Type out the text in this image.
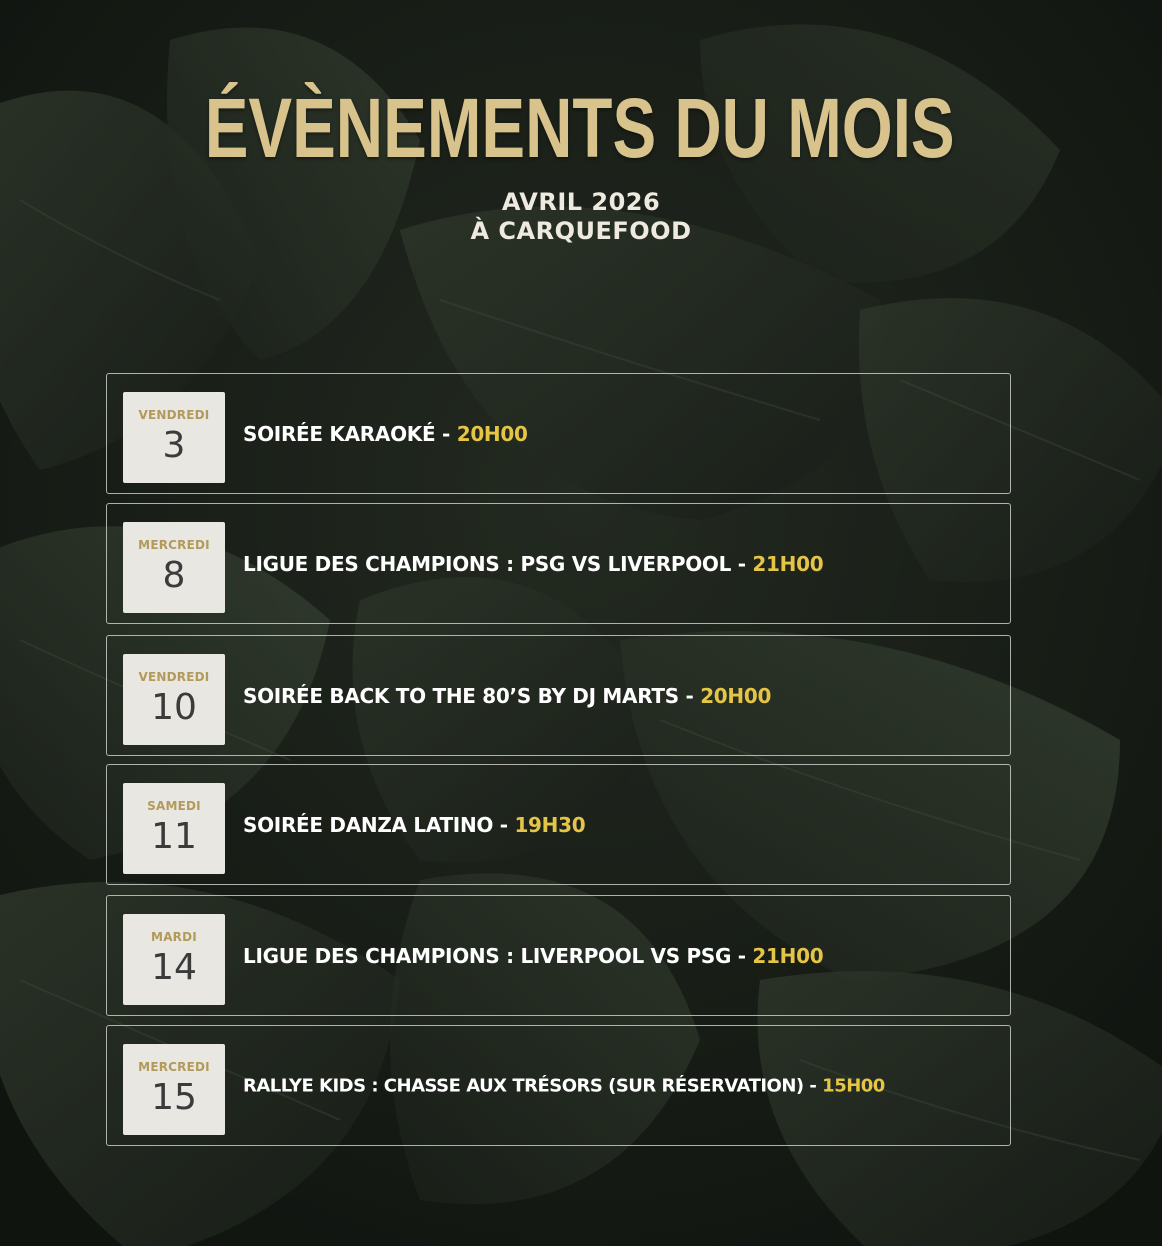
ÉVÈNEMENTS DU MOIS
AVRIL 2026
À CARQUEFOOD
VENDREDI
3	SOIRÉE KARAOKÉ - 20H00
MERCREDI
8	LIGUE DES CHAMPIONS : PSG VS LIVERPOOL - 21H00
VENDREDI
10	SOIRÉE BACK TO THE 80’S BY DJ MARTS - 20H00
SAMEDI
11	SOIRÉE DANZA LATINO - 19H30
MARDI
14	LIGUE DES CHAMPIONS : LIVERPOOL VS PSG - 21H00
MERCREDI
15	RALLYE KIDS : CHASSE AUX TRÉSORS (SUR RÉSERVATION) - 15H00
